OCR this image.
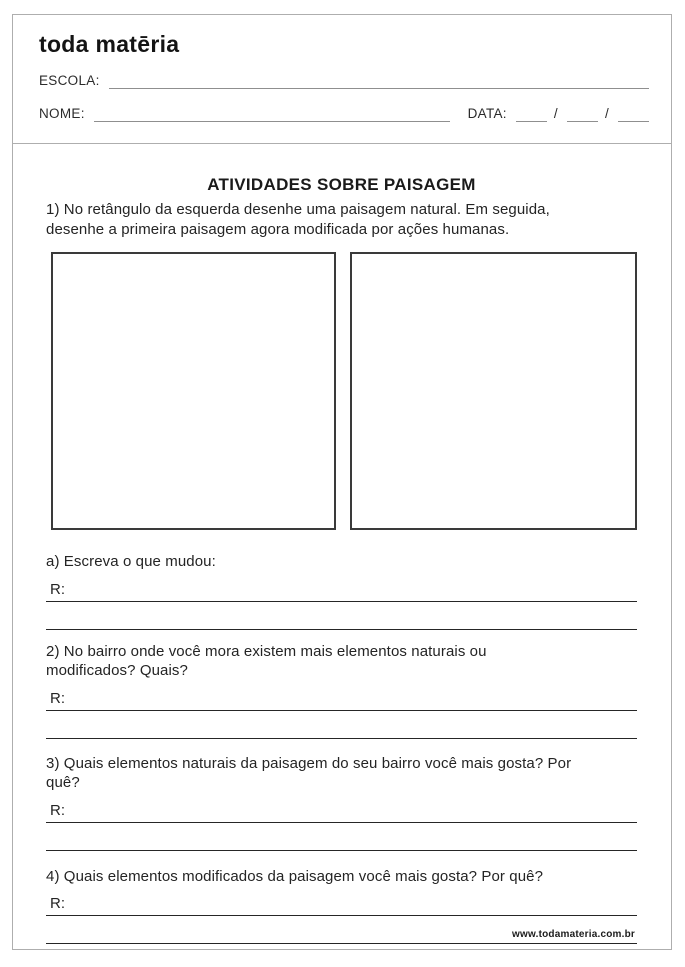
toda matēria
ESCOLA:
NOME:	DATA:	/	/
ATIVIDADES SOBRE PAISAGEM
1) No retângulo da esquerda desenhe uma paisagem natural. Em seguida,
desenhe a primeira paisagem agora modificada por ações humanas.
a) Escreva o que mudou:
R:
2) No bairro onde você mora existem mais elementos naturais ou
modificados? Quais?
R:
3) Quais elementos naturais da paisagem do seu bairro você mais gosta? Por
quê?
R:
4) Quais elementos modificados da paisagem você mais gosta? Por quê?
R:
www.todamateria.com.br
